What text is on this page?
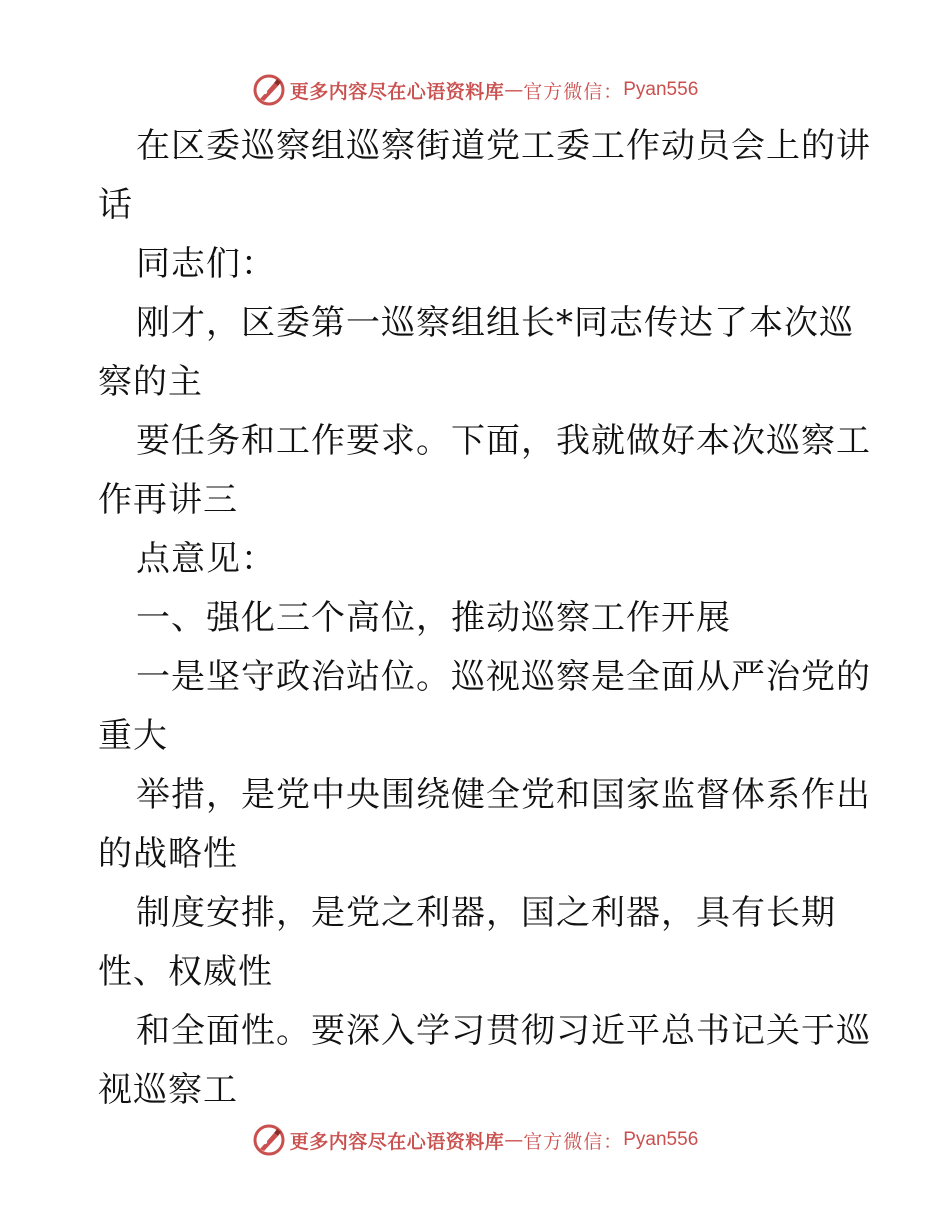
更多内容尽在心语资料库 — 官方微信： Pyan556
在区委巡察组巡察街道党工委工作动员会上的讲
话
同志们：
刚才，区委第一巡察组组长*同志传达了本次巡
察的主
要任务和工作要求。下面，我就做好本次巡察工
作再讲三
点意见：
一、强化三个高位，推动巡察工作开展
一是坚守政治站位。巡视巡察是全面从严治党的
重大
举措，是党中央围绕健全党和国家监督体系作出
的战略性
制度安排，是党之利器，国之利器，具有长期
性、权威性
和全面性。要深入学习贯彻习近平总书记关于巡
视巡察工
更多内容尽在心语资料库 — 官方微信： Pyan556
